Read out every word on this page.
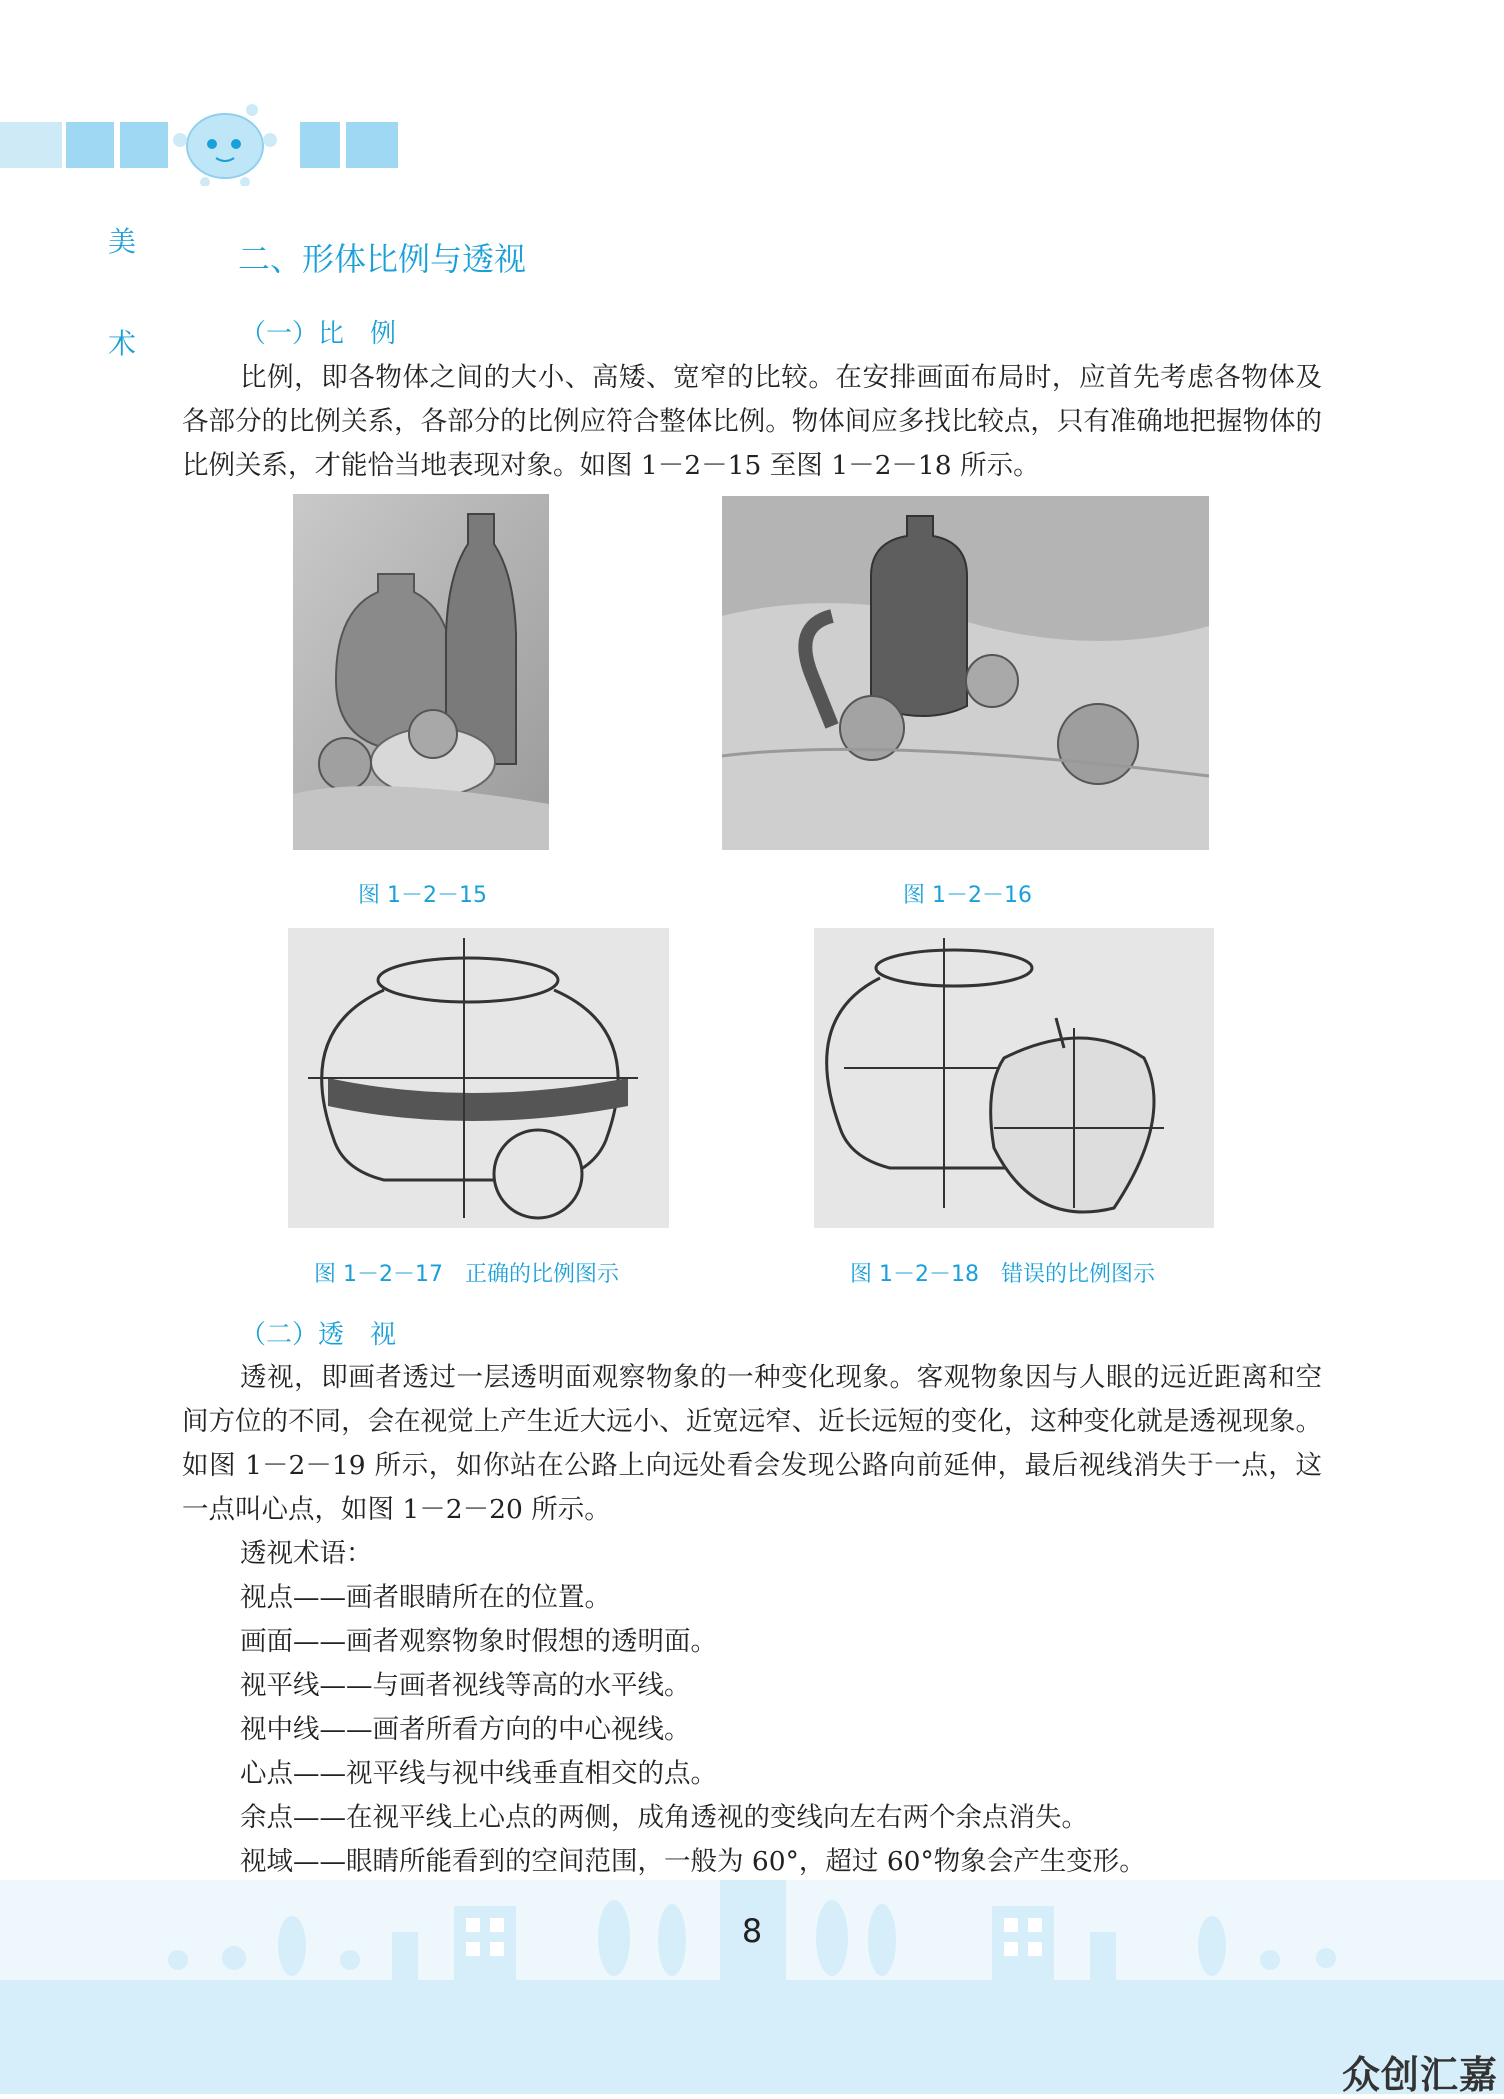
美
术
二、形体比例与透视
（一）比　例

比例，即各物体之间的大小、高矮、宽窄的比较。在安排画面布局时，应首先考虑各物体及各部分的比例关系，各部分的比例应符合整体比例。物体间应多找比较点，只有准确地把握物体的比例关系，才能恰当地表现对象。如图 1－2－15 至图 1－2－18 所示。

图 1－2－15	图 1－2－16
图 1－2－17　正确的比例图示	图 1－2－18　错误的比例图示
（二）透　视

透视，即画者透过一层透明面观察物象的一种变化现象。客观物象因与人眼的远近距离和空间方位的不同，会在视觉上产生近大远小、近宽远窄、近长远短的变化，这种变化就是透视现象。如图 1－2－19 所示，如你站在公路上向远处看会发现公路向前延伸，最后视线消失于一点，这一点叫心点，如图 1－2－20 所示。

透视术语：
视点——画者眼睛所在的位置。
画面——画者观察物象时假想的透明面。
视平线——与画者视线等高的水平线。
视中线——画者所看方向的中心视线。
心点——视平线与视中线垂直相交的点。
余点——在视平线上心点的两侧，成角透视的变线向左右两个余点消失。
视域——眼睛所能看到的空间范围，一般为 60°，超过 60°物象会产生变形。
8
众创汇嘉
